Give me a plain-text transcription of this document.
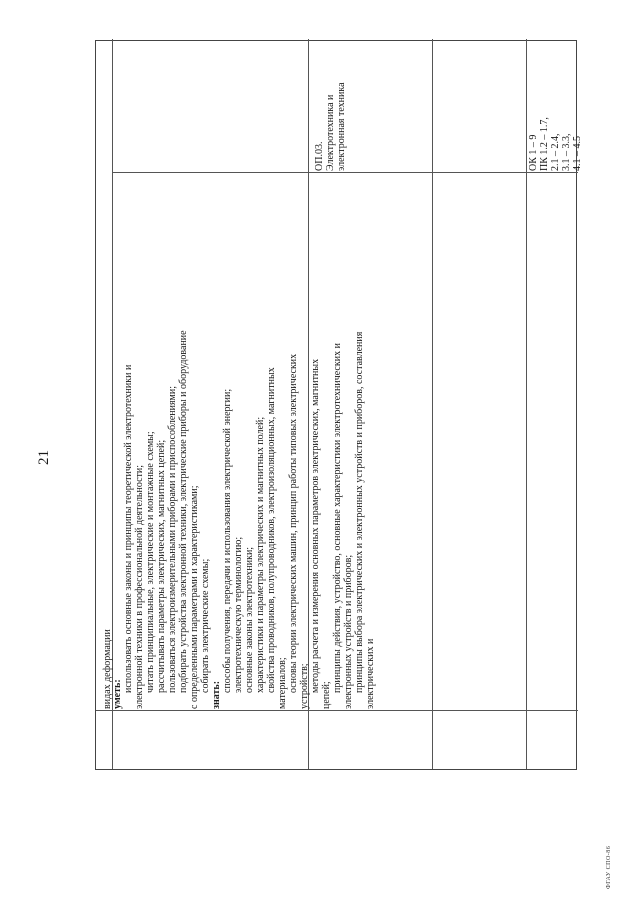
21
видах деформации уметь:

использовать основные законы и принципы теоретической электротехники и электронной техники в профессиональной деятельности; читать принципиальные, электрические и монтажные схемы; рассчитывать параметры электрических, магнитных цепей; пользоваться электроизмерительными приборами и приспособлениями; подбирать устройства электронной техники, электрические приборы и оборудование с определенными параметрами и характеристиками; собирать электрические схемы;

знать:

способы получения, передачи и использования электрической энергии; электротехническую терминологию; основные законы электротехники; характеристики и параметры электрических и магнитных полей; свойства проводников, полупроводников, электроизоляционных, магнитных материалов; основы теории электрических машин, принцип работы типовых электрических устройств; методы расчета и измерения основных параметров электрических, магнитных цепей;

принципы действия, устройство, основные характеристики электротехнических и электронных устройств и приборов; принципы выбора электрических и электронных устройств и приборов, составления электрических и

ОП.03. Электротехника и электронная техника	ОК 1 – 9 ПК 1.2 – 1.7, 2.1 – 2.4, 3.1 – 3.3, 4.1 – 4.5

ФГАУ СПО-86
